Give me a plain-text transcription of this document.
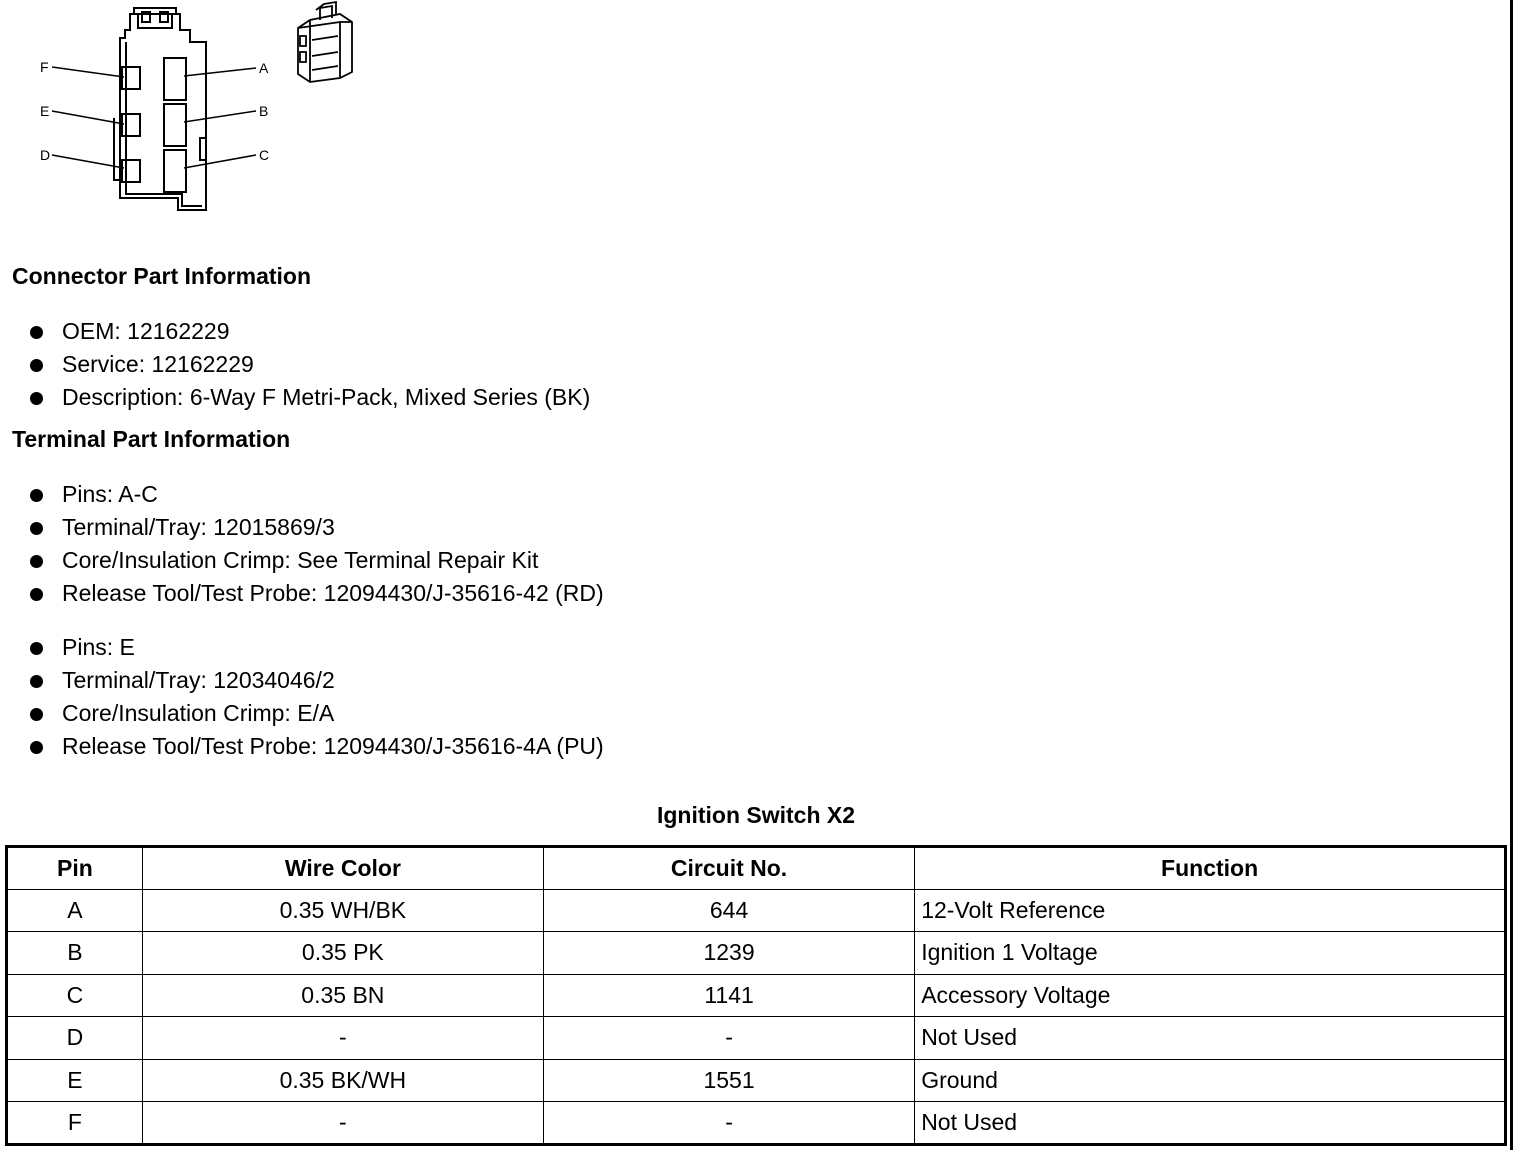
F
E
D
A
B
C
Connector Part Information
OEM: 12162229
Service: 12162229
Description: 6-Way F Metri-Pack, Mixed Series (BK)
Terminal Part Information
Pins: A-C
Terminal/Tray: 12015869/3
Core/Insulation Crimp: See Terminal Repair Kit
Release Tool/Test Probe: 12094430/J-35616-42 (RD)
Pins: E
Terminal/Tray: 12034046/2
Core/Insulation Crimp: E/A
Release Tool/Test Probe: 12094430/J-35616-4A (PU)
Ignition Switch X2
Pin	Wire Color	Circuit No.	Function
A	0.35 WH/BK	644	12-Volt Reference
B	0.35 PK	1239	Ignition 1 Voltage
C	0.35 BN	1141	Accessory Voltage
D	-	-	Not Used
E	0.35 BK/WH	1551	Ground
F	-	-	Not Used
